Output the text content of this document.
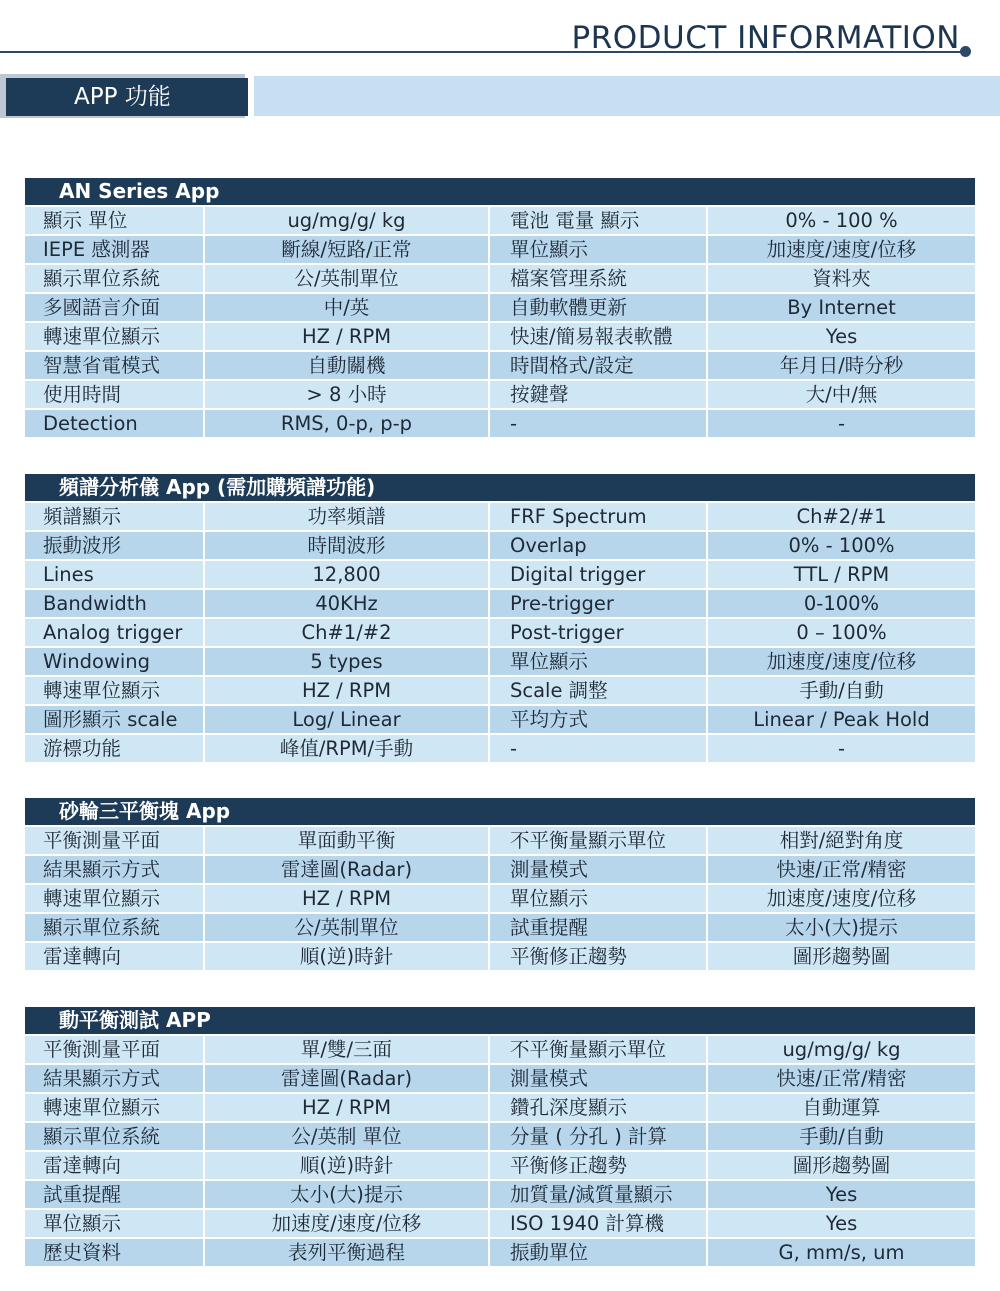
PRODUCT INFORMATION
APP 功能
AN Series App
顯示 單位	ug/mg/g/ kg	電池 電量 顯示	0% - 100 %
IEPE 感測器	斷線/短路/正常	單位顯示	加速度/速度/位移
顯示單位系統	公/英制單位	檔案管理系統	資料夾
多國語言介面	中/英	自動軟體更新	By Internet
轉速單位顯示	HZ / RPM	快速/簡易報表軟體	Yes
智慧省電模式	自動關機	時間格式/設定	年月日/時分秒
使用時間	> 8 小時	按鍵聲	大/中/無
Detection	RMS, 0-p, p-p	-	-
頻譜分析儀 App (需加購頻譜功能)
頻譜顯示	功率頻譜	FRF Spectrum	Ch#2/#1
振動波形	時間波形	Overlap	0% - 100%
Lines	12,800	Digital trigger	TTL / RPM
Bandwidth	40KHz	Pre-trigger	0-100%
Analog trigger	Ch#1/#2	Post-trigger	0 – 100%
Windowing	5 types	單位顯示	加速度/速度/位移
轉速單位顯示	HZ / RPM	Scale 調整	手動/自動
圖形顯示 scale	Log/ Linear	平均方式	Linear / Peak Hold
游標功能	峰值/RPM/手動	-	-
砂輪三平衡塊 App
平衡測量平面	單面動平衡	不平衡量顯示單位	相對/絕對角度
結果顯示方式	雷達圖(Radar)	測量模式	快速/正常/精密
轉速單位顯示	HZ / RPM	單位顯示	加速度/速度/位移
顯示單位系統	公/英制單位	試重提醒	太小(大)提示
雷達轉向	順(逆)時針	平衡修正趨勢	圖形趨勢圖
動平衡測試 APP
平衡測量平面	單/雙/三面	不平衡量顯示單位	ug/mg/g/ kg
結果顯示方式	雷達圖(Radar)	測量模式	快速/正常/精密
轉速單位顯示	HZ / RPM	鑽孔深度顯示	自動運算
顯示單位系統	公/英制 單位	分量 ( 分孔 ) 計算	手動/自動
雷達轉向	順(逆)時針	平衡修正趨勢	圖形趨勢圖
試重提醒	太小(大)提示	加質量/減質量顯示	Yes
單位顯示	加速度/速度/位移	ISO 1940 計算機	Yes
歷史資料	表列平衡過程	振動單位	G, mm/s, um
